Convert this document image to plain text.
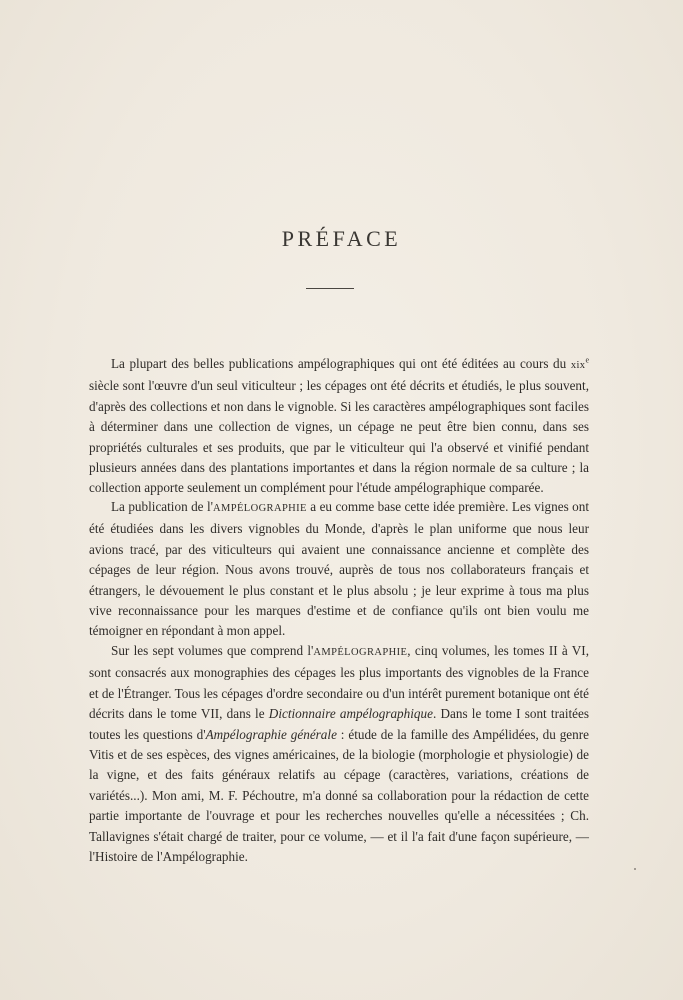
PRÉFACE

La plupart des belles publications ampélographiques qui ont été éditées au cours du xix$^e$ siècle sont l'œuvre d'un seul viticulteur ; les cépages ont été décrits et étudiés, le plus souvent, d'après des collections et non dans le vignoble. Si les caractères ampélographiques sont faciles à déterminer dans une collection de vignes, un cépage ne peut être bien connu, dans ses propriétés culturales et ses produits, que par le viticulteur qui l'a observé et vinifié pendant plusieurs années dans des plantations importantes et dans la région normale de sa culture ; la collection apporte seulement un complément pour l'étude ampélographique comparée.

La publication de l'AMPÉLOGRAPHIE a eu comme base cette idée première. Les vignes ont été étudiées dans les divers vignobles du Monde, d'après le plan uniforme que nous leur avions tracé, par des viticulteurs qui avaient une connaissance ancienne et complète des cépages de leur région. Nous avons trouvé, auprès de tous nos collaborateurs français et étrangers, le dévouement le plus constant et le plus absolu ; je leur exprime à tous ma plus vive reconnaissance pour les marques d'estime et de confiance qu'ils ont bien voulu me témoigner en répondant à mon appel.

Sur les sept volumes que comprend l'AMPÉLOGRAPHIE, cinq volumes, les tomes II à VI, sont consacrés aux monographies des cépages les plus importants des vignobles de la France et de l'Étranger. Tous les cépages d'ordre secondaire ou d'un intérêt purement botanique ont été décrits dans le tome VII, dans le Dictionnaire ampélographique. Dans le tome I sont traitées toutes les questions d'Ampélographie générale : étude de la famille des Ampélidées, du genre Vitis et de ses espèces, des vignes américaines, de la biologie (morphologie et physiologie) de la vigne, et des faits généraux relatifs au cépage (caractères, variations, créations de variétés...). Mon ami, M. F. Péchoutre, m'a donné sa collaboration pour la rédaction de cette partie importante de l'ouvrage et pour les recherches nouvelles qu'elle a nécessitées ; Ch. Tallavignes s'était chargé de traiter, pour ce volume, — et il l'a fait d'une façon supérieure, — l'Histoire de l'Ampélographie.
